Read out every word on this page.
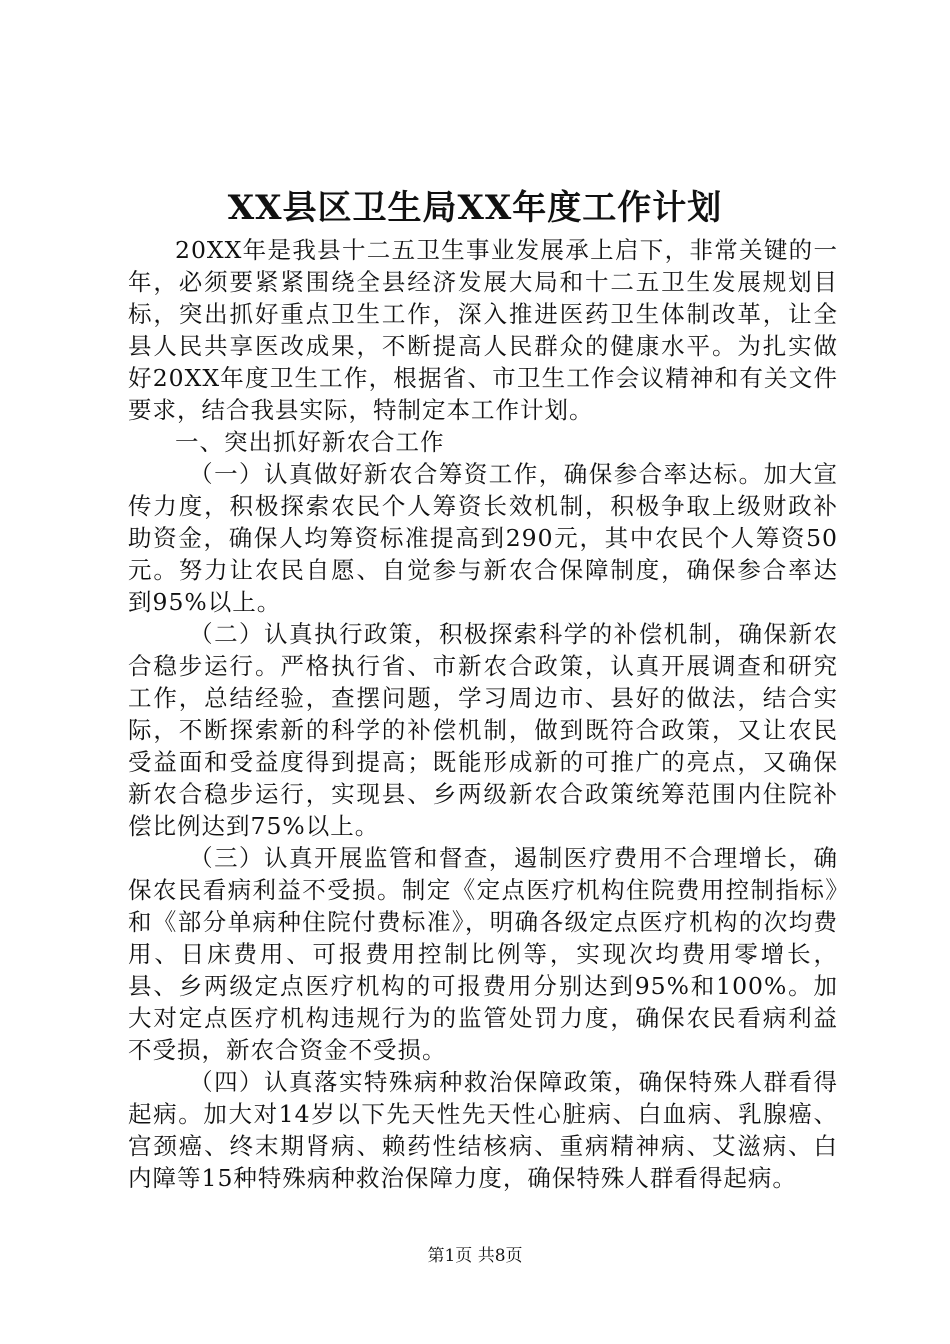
XX县区卫生局XX年度工作计划

20XX年是我县十二五卫生事业发展承上启下，非常关键的一年，必须要紧紧围绕全县经济发展大局和十二五卫生发展规划目标，突出抓好重点卫生工作，深入推进医药卫生体制改革，让全县人民共享医改成果，不断提高人民群众的健康水平。为扎实做好20XX年度卫生工作，根据省、市卫生工作会议精神和有关文件要求，结合我县实际，特制定本工作计划。

一、突出抓好新农合工作

（一）认真做好新农合筹资工作，确保参合率达标。加大宣传力度，积极探索农民个人筹资长效机制，积极争取上级财政补助资金，确保人均筹资标准提高到290元，其中农民个人筹资50元。努力让农民自愿、自觉参与新农合保障制度，确保参合率达到95%以上。

（二）认真执行政策，积极探索科学的补偿机制，确保新农合稳步运行。严格执行省、市新农合政策，认真开展调查和研究工作，总结经验，查摆问题，学习周边市、县好的做法，结合实际，不断探索新的科学的补偿机制，做到既符合政策，又让农民受益面和受益度得到提高；既能形成新的可推广的亮点，又确保新农合稳步运行，实现县、乡两级新农合政策统筹范围内住院补偿比例达到75%以上。

（三）认真开展监管和督查，遏制医疗费用不合理增长，确保农民看病利益不受损。制定《定点医疗机构住院费用控制指标》和《部分单病种住院付费标准》，明确各级定点医疗机构的次均费用、日床费用、可报费用控制比例等，实现次均费用零增长，县、乡两级定点医疗机构的可报费用分别达到95%和100%。加大对定点医疗机构违规行为的监管处罚力度，确保农民看病利益不受损，新农合资金不受损。

（四）认真落实特殊病种救治保障政策，确保特殊人群看得起病。加大对14岁以下先天性先天性心脏病、白血病、乳腺癌、宫颈癌、终末期肾病、赖药性结核病、重病精神病、艾滋病、白内障等15种特殊病种救治保障力度，确保特殊人群看得起病。

第1页 共8页
